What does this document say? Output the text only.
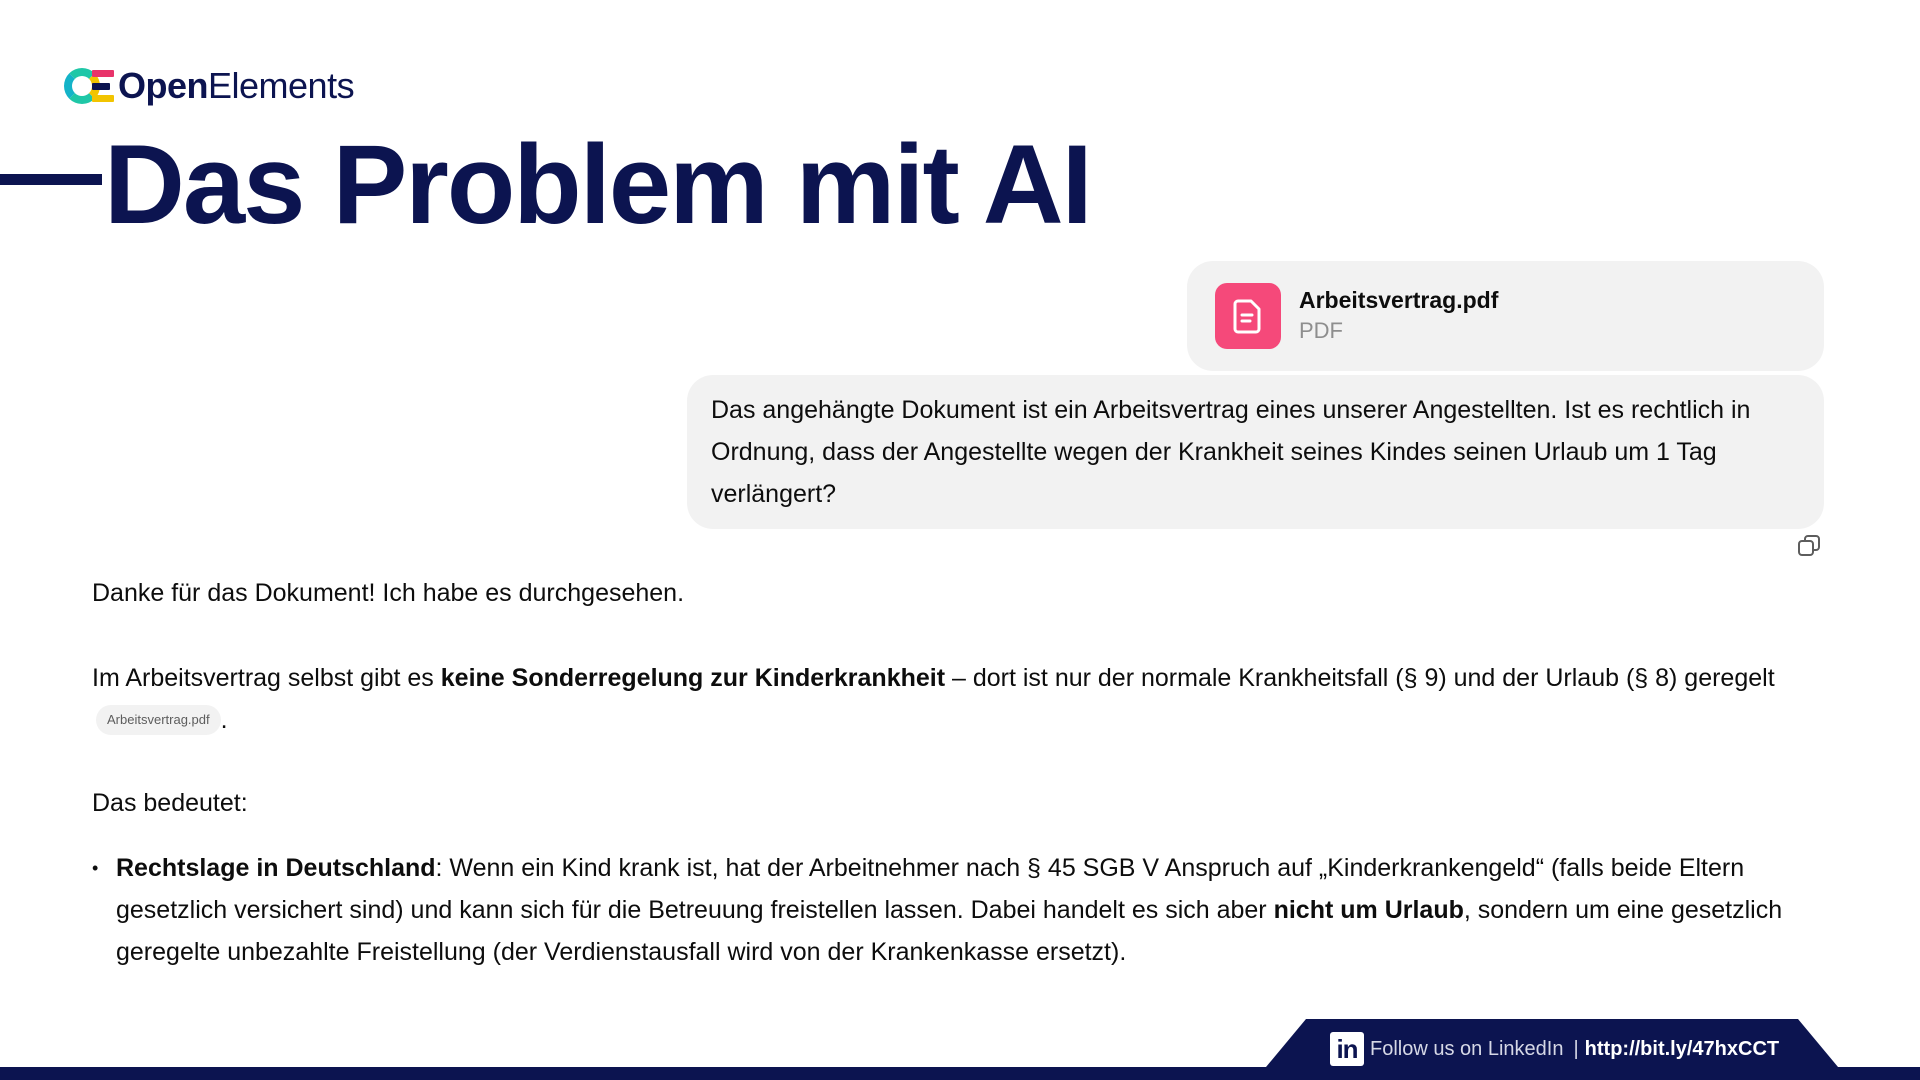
OpenElements
Das Problem mit AI
Arbeitsvertrag.pdf
PDF
Das angehängte Dokument ist ein Arbeitsvertrag eines unserer Angestellten. Ist es rechtlich in Ordnung, dass der Angestellte wegen der Krankheit seines Kindes seinen Urlaub um 1 Tag verlängert?

Danke für das Dokument! Ich habe es durchgesehen.

Im Arbeitsvertrag selbst gibt es keine Sonderregelung zur Kinderkrankheit – dort ist nur der normale Krankheitsfall (§ 9) und der Urlaub (§ 8) geregeltArbeitsvertrag.pdf .

Das bedeutet:

• Rechtslage in Deutschland: Wenn ein Kind krank ist, hat der Arbeitnehmer nach § 45 SGB V Anspruch auf „Kinderkrankengeld“ (falls beide Eltern gesetzlich versichert sind) und kann sich für die Betreuung freistellen lassen. Dabei handelt es sich aber nicht um Urlaub, sondern um eine gesetzlich geregelte unbezahlte Freistellung (der Verdienstausfall wird von der Krankenkasse ersetzt).
in Follow us on LinkedIn | http://bit.ly/47hxCCT
